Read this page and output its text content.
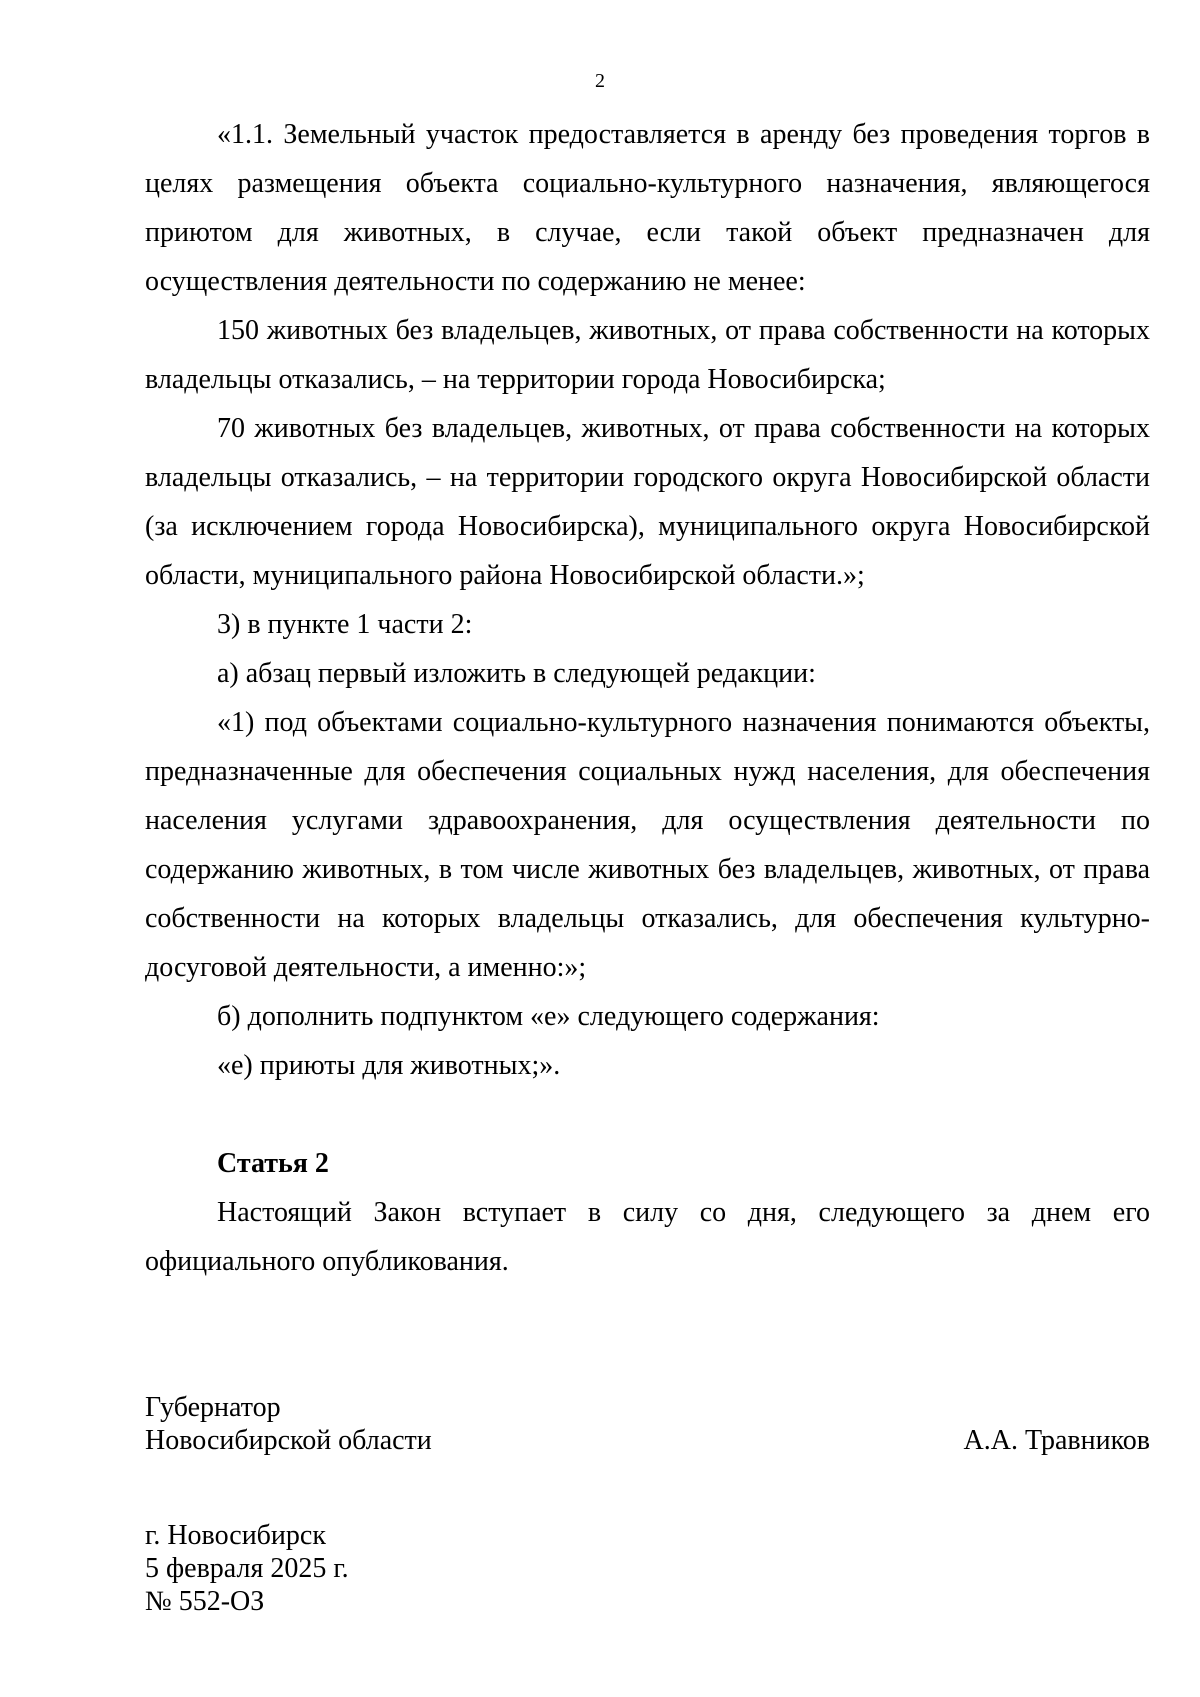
2

«1.1. Земельный участок предоставляется в аренду без проведения торгов в целях размещения объекта социально-культурного назначения, являющегося приютом для животных, в случае, если такой объект предназначен для осуществления деятельности по содержанию не менее:

150 животных без владельцев, животных, от права собственности на которых владельцы отказались, – на территории города Новосибирска;

70 животных без владельцев, животных, от права собственности на которых владельцы отказались, – на территории городского округа Новосибирской области (за исключением города Новосибирска), муниципального округа Новосибирской области, муниципального района Новосибирской области.»;

3) в пункте 1 части 2:

а) абзац первый изложить в следующей редакции:

«1) под объектами социально-культурного назначения понимаются объекты, предназначенные для обеспечения социальных нужд населения, для обеспечения населения услугами здравоохранения, для осуществления деятельности по содержанию животных, в том числе животных без владельцев, животных, от права собственности на которых владельцы отказались, для обеспечения культурно-досуговой деятельности, а именно:»;

б) дополнить подпунктом «е» следующего содержания:

«е) приюты для животных;».

Статья 2

Настоящий Закон вступает в силу со дня, следующего за днем его официального опубликования.

Губернатор
Новосибирской области	А.А. Травников
г. Новосибирск
5 февраля 2025 г.
№ 552-ОЗ
